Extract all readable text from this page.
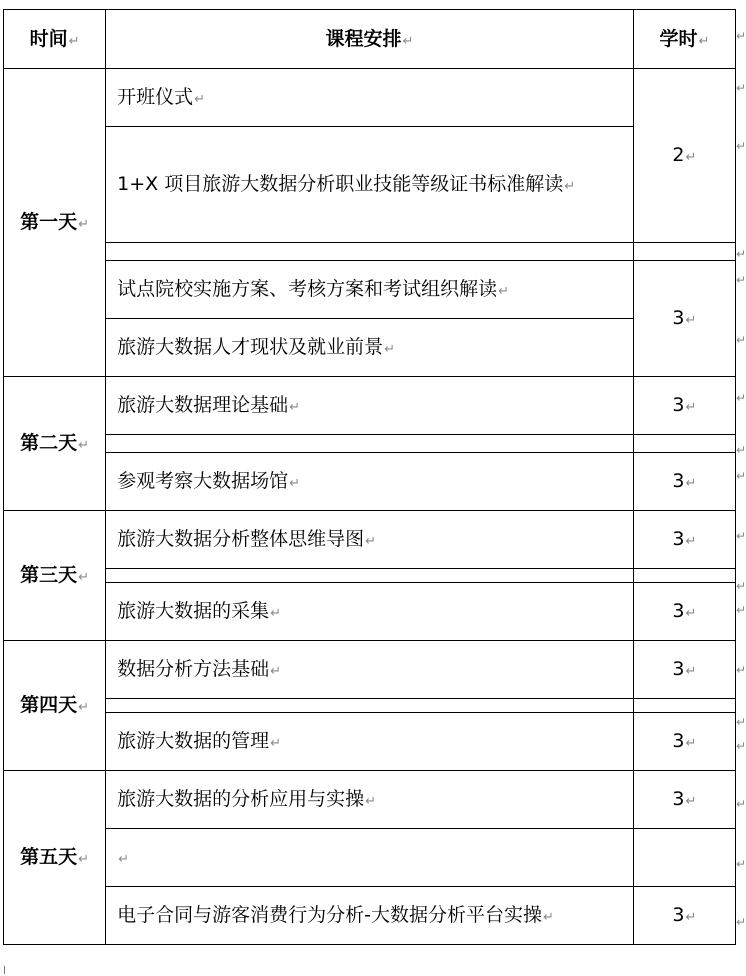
时间↵	课程安排↵	学时↵
第一天↵	开班仪式↵	2↵
	1+X 项目旅游大数据分析职业技能等级证书标准解读↵	

	试点院校实施方案、考核方案和考试组织解读↵	3↵
	旅游大数据人才现状及就业前景↵	
第二天↵	旅游大数据理论基础↵	3↵

	参观考察大数据场馆↵	3↵
第三天↵	旅游大数据分析整体思维导图↵	3↵

	旅游大数据的采集↵	3↵
第四天↵	数据分析方法基础↵	3↵

	旅游大数据的管理↵	3↵
第五天↵	旅游大数据的分析应用与实操↵	3↵
	↵	
	电子合同与游客消费行为分析-大数据分析平台实操↵	3↵
↵
↵
↵
↵
↵
↵
↵
↵
↵
↵
↵
↵
↵
↵
↵
↵
↵
↵
